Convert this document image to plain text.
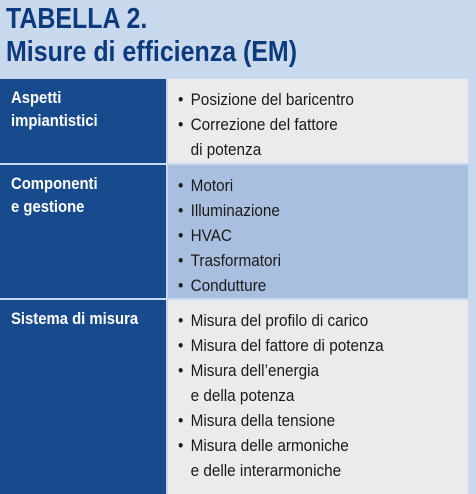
TABELLA 2.
Misure di efficienza (EM)
Aspetti
impiantistici
• Posizione del baricentro
• Correzione del fattore
di potenza
Componenti
e gestione
• Motori
• Illuminazione
• HVAC
• Trasformatori
• Condutture
Sistema di misura	• Misura del profilo di carico
• Misura del fattore di potenza
• Misura dell’energia
e della potenza
• Misura della tensione
• Misura delle armoniche
e delle interarmoniche
